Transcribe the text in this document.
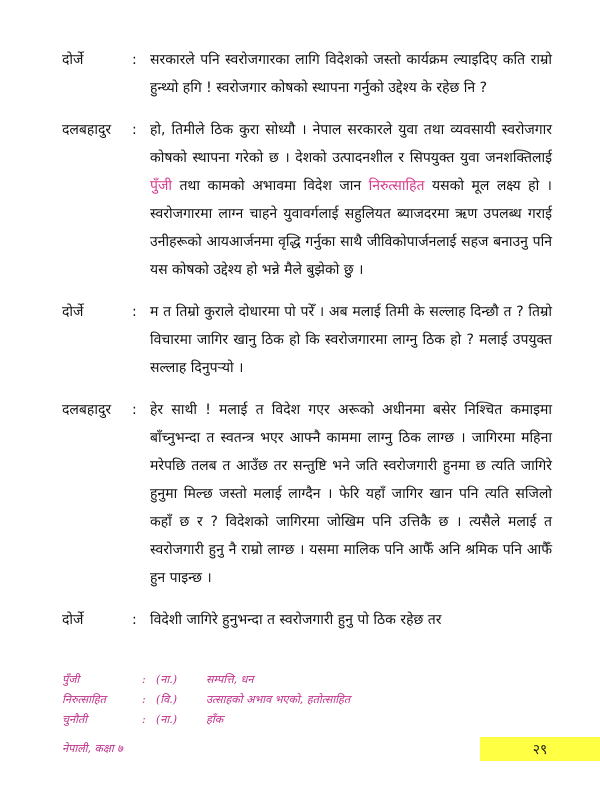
दोर्जे	: सरकारले पनि स्वरोजगारका लागि विदेशको जस्तो कार्यक्रम ल्याइदिए कति राम्रो हुन्थ्यो हगि ! स्वरोजगार कोषको स्थापना गर्नुको उद्देश्य के रहेछ नि ?
दलबहादुर	: हो, तिमीले ठिक कुरा सोध्यौ । नेपाल सरकारले युवा तथा व्यवसायी स्वरोजगार कोषको स्थापना गरेको छ । देशको उत्पादनशील र सिपयुक्त युवा जनशक्तिलाई पुँजी तथा कामको अभावमा विदेश जान निरुत्साहित यसको मूल लक्ष्य हो । स्वरोजगारमा लाग्न चाहने युवावर्गलाई सहुलियत ब्याजदरमा ऋण उपलब्ध गराई उनीहरूको आयआर्जनमा वृद्धि गर्नुका साथै जीविकोपार्जनलाई सहज बनाउनु पनि यस कोषको उद्देश्य हो भन्ने मैले बुझेको छु ।
दोर्जे	: म त तिम्रो कुराले दोधारमा पो परेँ । अब मलाई तिमी के सल्लाह दिन्छौ त ? तिम्रो विचारमा जागिर खानु ठिक हो कि स्वरोजगारमा लाग्नु ठिक हो ? मलाई उपयुक्त सल्लाह दिनुपऱ्यो ।
दलबहादुर	: हेर साथी ! मलाई त विदेश गएर अरूको अधीनमा बसेर निश्चित कमाइमा बाँच्नुभन्दा त स्वतन्त्र भएर आफ्नै काममा लाग्नु ठिक लाग्छ । जागिरमा महिना मरेपछि तलब त आउँछ तर सन्तुष्टि भने जति स्वरोजगारी हुनमा छ त्यति जागिरे हुनुमा मिल्छ जस्तो मलाई लाग्दैन । फेरि यहाँ जागिर खान पनि त्यति सजिलो कहाँ छ र ? विदेशको जागिरमा जोखिम पनि उत्तिकै छ । त्यसैले मलाई त स्वरोजगारी हुनु नै राम्रो लाग्छ । यसमा मालिक पनि आफैँ अनि श्रमिक पनि आफैँ हुन पाइन्छ ।
दोर्जे	: विदेशी जागिरे हुनुभन्दा त स्वरोजगारी हुनु पो ठिक रहेछ तर
पुँजी	: (ना.)	सम्पत्ति, धन
निरुत्साहित	: (वि.)	उत्साहको अभाव भएको, हतोत्साहित
चुनौती	: (ना.)	हाँक
नेपाली, कक्षा ७	२९
